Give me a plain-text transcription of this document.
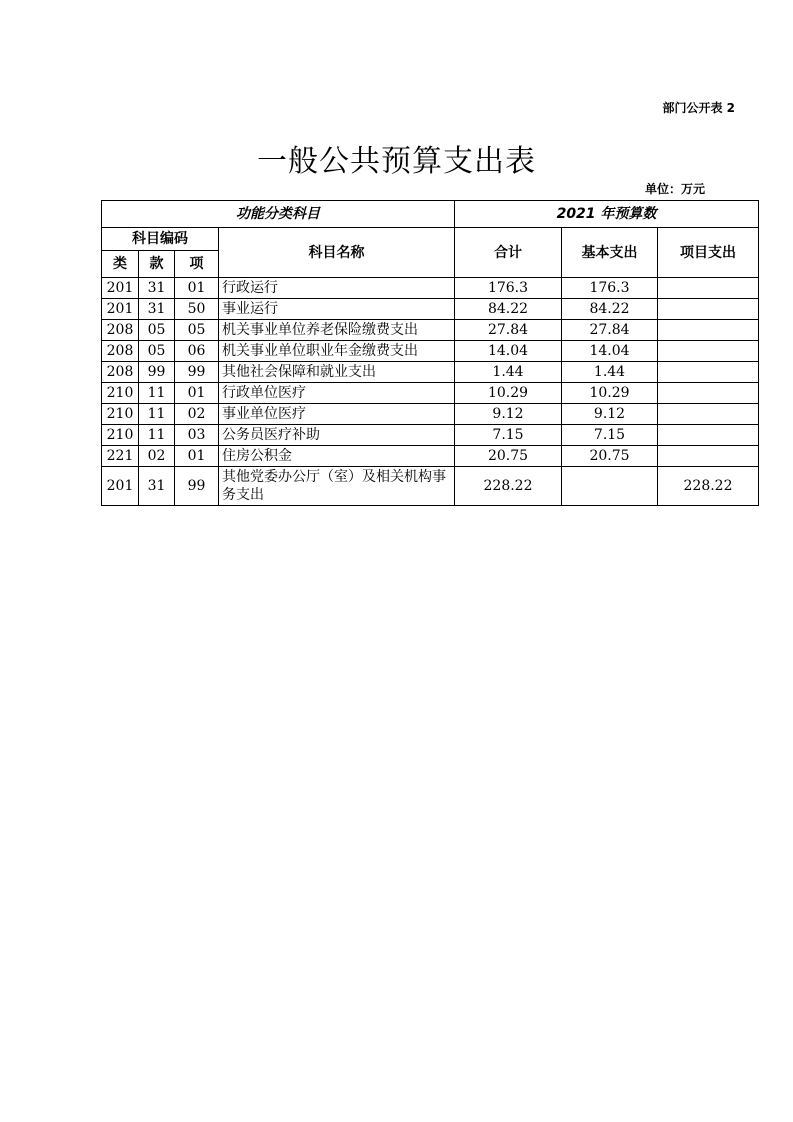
部门公开表 2
一般公共预算支出表
单位：万元
功能分类科目				2021 年预算数		
科目编码			科目名称	合计	基本支出	项目支出
类	款	项				
201	31	01	行政运行	176.3	176.3	
201	31	50	事业运行	84.22	84.22	
208	05	05	机关事业单位养老保险缴费支出	27.84	27.84	
208	05	06	机关事业单位职业年金缴费支出	14.04	14.04	
208	99	99	其他社会保障和就业支出	1.44	1.44	
210	11	01	行政单位医疗	10.29	10.29	
210	11	02	事业单位医疗	9.12	9.12	
210	11	03	公务员医疗补助	7.15	7.15	
221	02	01	住房公积金	20.75	20.75	
201	31	99	其他党委办公厅（室）及相关机构事务支出	228.22		228.22
